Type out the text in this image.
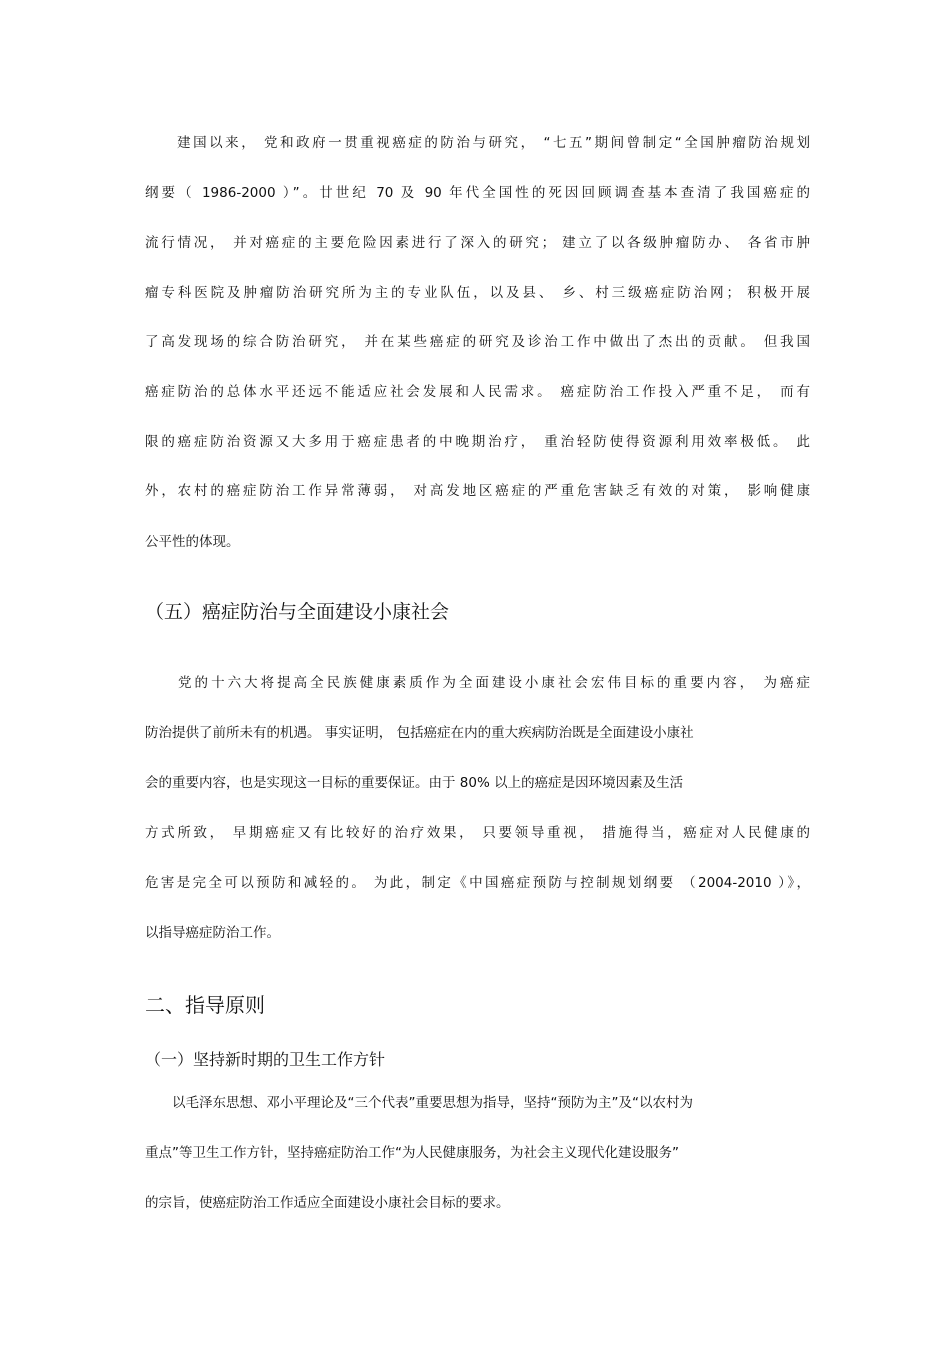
　　建国以来， 党和政府一贯重视癌症的防治与研究， “七五”期间曾制定“全国肿瘤防治规划
纲要（ 1986-2000 ）”。廿世纪 70 及 90 年代全国性的死因回顾调查基本查清了我国癌症的
流行情况， 并对癌症的主要危险因素进行了深入的研究； 建立了以各级肿瘤防办、 各省市肿
瘤专科医院及肿瘤防治研究所为主的专业队伍，以及县、 乡、村三级癌症防治网； 积极开展
了高发现场的综合防治研究， 并在某些癌症的研究及诊治工作中做出了杰出的贡献。 但我国
癌症防治的总体水平还远不能适应社会发展和人民需求。 癌症防治工作投入严重不足， 而有
限的癌症防治资源又大多用于癌症患者的中晚期治疗， 重治轻防使得资源利用效率极低。 此
外，农村的癌症防治工作异常薄弱， 对高发地区癌症的严重危害缺乏有效的对策， 影响健康
公平性的体现。
（五）癌症防治与全面建设小康社会
　　党的十六大将提高全民族健康素质作为全面建设小康社会宏伟目标的重要内容， 为癌症
防治提供了前所未有的机遇。 事实证明， 包括癌症在内的重大疾病防治既是全面建设小康社
会的重要内容，也是实现这一目标的重要保证。由于 80% 以上的癌症是因环境因素及生活
方式所致， 早期癌症又有比较好的治疗效果， 只要领导重视， 措施得当，癌症对人民健康的
危害是完全可以预防和减轻的。 为此，制定《中国癌症预防与控制规划纲要 （2004-2010 ）》，
以指导癌症防治工作。
二、指导原则
（一）坚持新时期的卫生工作方针
　　以毛泽东思想、邓小平理论及“三个代表”重要思想为指导，坚持“预防为主”及“以农村为
重点”等卫生工作方针，坚持癌症防治工作“为人民健康服务，为社会主义现代化建设服务”
的宗旨，使癌症防治工作适应全面建设小康社会目标的要求。
